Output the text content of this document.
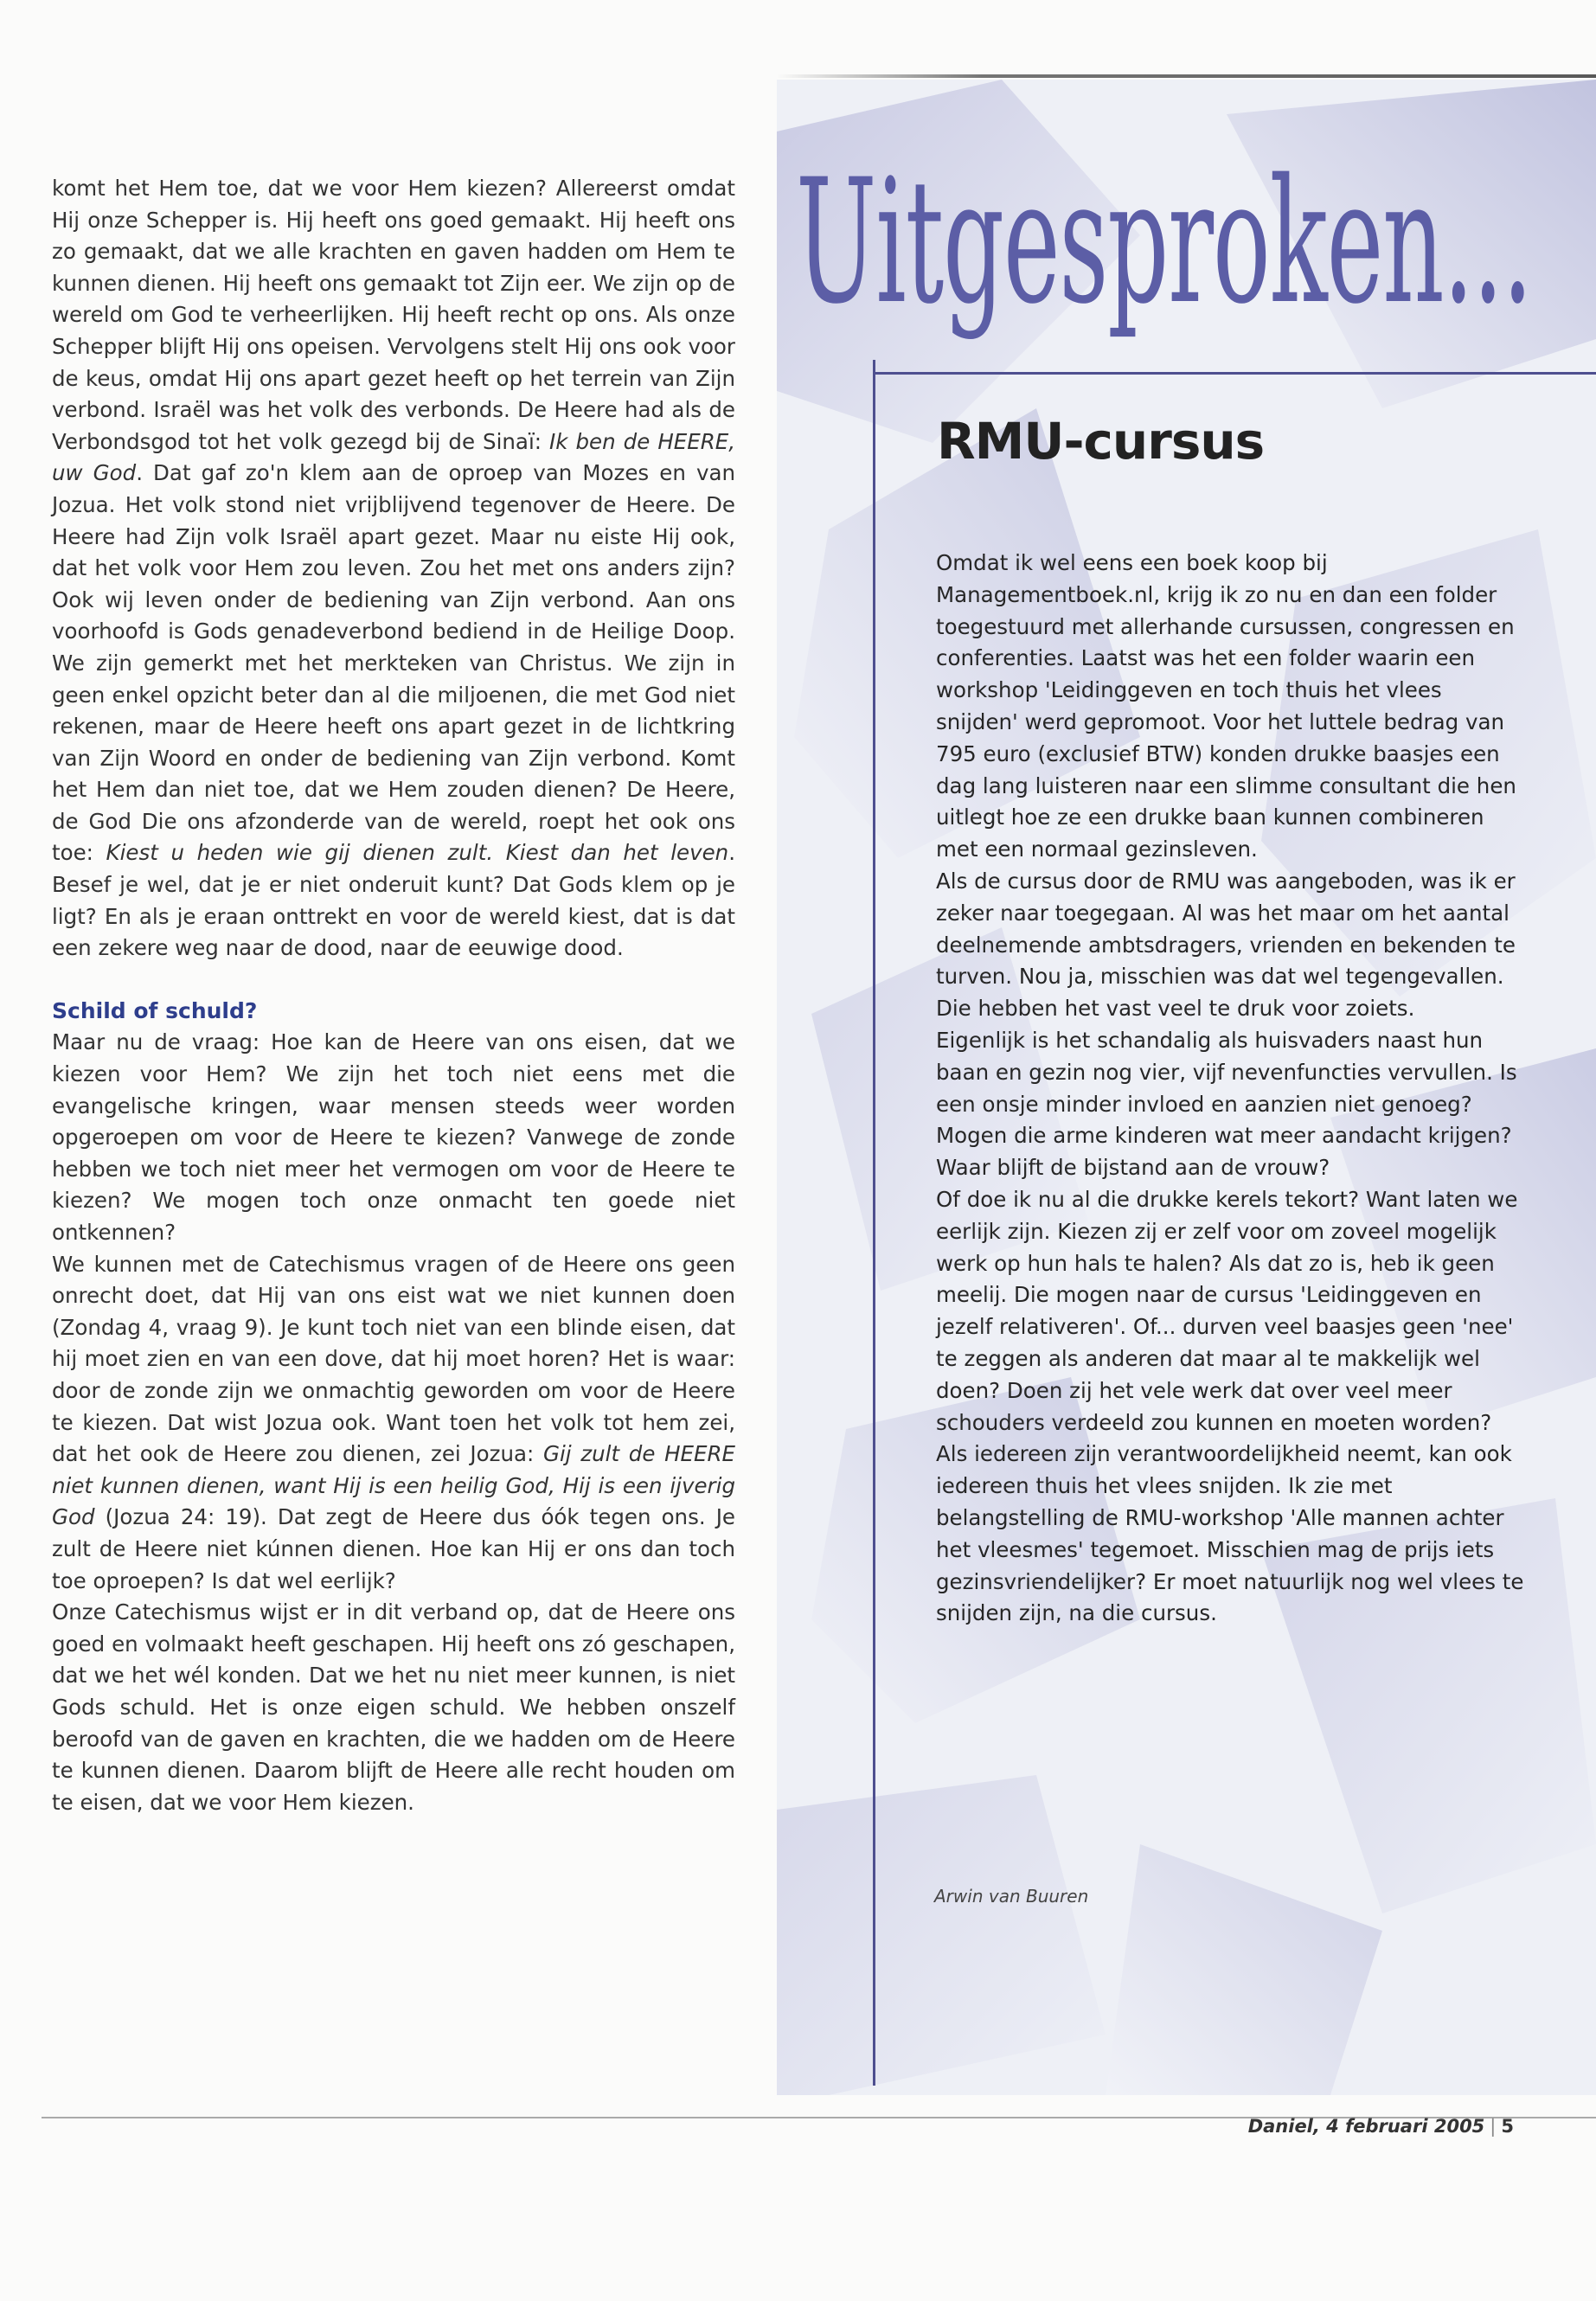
komt het Hem toe, dat we voor Hem kiezen? Allereerst omdat Hij onze Schepper is. Hij heeft ons goed gemaakt. Hij heeft ons zo gemaakt, dat we alle krachten en gaven hadden om Hem te kunnen dienen. Hij heeft ons gemaakt tot Zijn eer. We zijn op de wereld om God te verheerlijken. Hij heeft recht op ons. Als onze Schepper blijft Hij ons opeisen. Vervolgens stelt Hij ons ook voor de keus, omdat Hij ons apart gezet heeft op het terrein van Zijn verbond. Israël was het volk des verbonds. De Heere had als de Verbondsgod tot het volk gezegd bij de Sinaï: Ik ben de HEERE, uw God. Dat gaf zo'n klem aan de oproep van Mozes en van Jozua. Het volk stond niet vrijblijvend tegenover de Heere. De Heere had Zijn volk Israël apart gezet. Maar nu eiste Hij ook, dat het volk voor Hem zou leven. Zou het met ons anders zijn? Ook wij leven onder de bediening van Zijn verbond. Aan ons voorhoofd is Gods genadeverbond bediend in de Heilige Doop. We zijn gemerkt met het merkteken van Christus. We zijn in geen enkel opzicht beter dan al die miljoenen, die met God niet rekenen, maar de Heere heeft ons apart gezet in de lichtkring van Zijn Woord en onder de bediening van Zijn verbond. Komt het Hem dan niet toe, dat we Hem zouden dienen? De Heere, de God Die ons afzonderde van de wereld, roept het ook ons toe: Kiest u heden wie gij dienen zult. Kiest dan het leven. Besef je wel, dat je er niet onderuit kunt? Dat Gods klem op je ligt? En als je eraan onttrekt en voor de wereld kiest, dat is dat een zekere weg naar de dood, naar de eeuwige dood.

Schild of schuld?

Maar nu de vraag: Hoe kan de Heere van ons eisen, dat we kiezen voor Hem? We zijn het toch niet eens met die evangelische kringen, waar mensen steeds weer worden opgeroepen om voor de Heere te kiezen? Vanwege de zonde hebben we toch niet meer het vermogen om voor de Heere te kiezen? We mogen toch onze onmacht ten goede niet ontkennen?

We kunnen met de Catechismus vragen of de Heere ons geen onrecht doet, dat Hij van ons eist wat we niet kunnen doen (Zondag 4, vraag 9). Je kunt toch niet van een blinde eisen, dat hij moet zien en van een dove, dat hij moet horen? Het is waar: door de zonde zijn we onmachtig geworden om voor de Heere te kiezen. Dat wist Jozua ook. Want toen het volk tot hem zei, dat het ook de Heere zou dienen, zei Jozua: Gij zult de HEERE niet kunnen dienen, want Hij is een heilig God, Hij is een ijverig God (Jozua 24: 19). Dat zegt de Heere dus óók tegen ons. Je zult de Heere niet kúnnen dienen. Hoe kan Hij er ons dan toch toe oproepen? Is dat wel eerlijk?

Onze Catechismus wijst er in dit verband op, dat de Heere ons goed en volmaakt heeft geschapen. Hij heeft ons zó geschapen, dat we het wél konden. Dat we het nu niet meer kunnen, is niet Gods schuld. Het is onze eigen schuld. We hebben onszelf beroofd van de gaven en krachten, die we hadden om de Heere te kunnen dienen. Daarom blijft de Heere alle recht houden om te eisen, dat we voor Hem kiezen.

Uitgesproken...
RMU-cursus

Omdat ik wel eens een boek koop bij Managementboek.nl, krijg ik zo nu en dan een folder toegestuurd met allerhande cursussen, congressen en conferenties. Laatst was het een folder waarin een workshop 'Leidinggeven en toch thuis het vlees snijden' werd gepromoot. Voor het luttele bedrag van 795 euro (exclusief BTW) konden drukke baasjes een dag lang luisteren naar een slimme consultant die hen uitlegt hoe ze een drukke baan kunnen combineren met een normaal gezinsleven.

Als de cursus door de RMU was aangeboden, was ik er zeker naar toegegaan. Al was het maar om het aantal deelnemende ambtsdragers, vrienden en bekenden te turven. Nou ja, misschien was dat wel tegengevallen. Die hebben het vast veel te druk voor zoiets.

Eigenlijk is het schandalig als huisvaders naast hun baan en gezin nog vier, vijf nevenfuncties vervullen. Is een onsje minder invloed en aanzien niet genoeg? Mogen die arme kinderen wat meer aandacht krijgen? Waar blijft de bijstand aan de vrouw?

Of doe ik nu al die drukke kerels tekort? Want laten we eerlijk zijn. Kiezen zij er zelf voor om zoveel mogelijk werk op hun hals te halen? Als dat zo is, heb ik geen meelij. Die mogen naar de cursus 'Leidinggeven en jezelf relativeren'. Of... durven veel baasjes geen 'nee' te zeggen als anderen dat maar al te makkelijk wel doen? Doen zij het vele werk dat over veel meer schouders verdeeld zou kunnen en moeten worden?

Als iedereen zijn verantwoordelijkheid neemt, kan ook iedereen thuis het vlees snijden. Ik zie met belangstelling de RMU-workshop 'Alle mannen achter het vleesmes' tegemoet. Misschien mag de prijs iets gezinsvriendelijker? Er moet natuurlijk nog wel vlees te snijden zijn, na die cursus.

Arwin van Buuren
Daniel, 4 februari 2005 | 5
